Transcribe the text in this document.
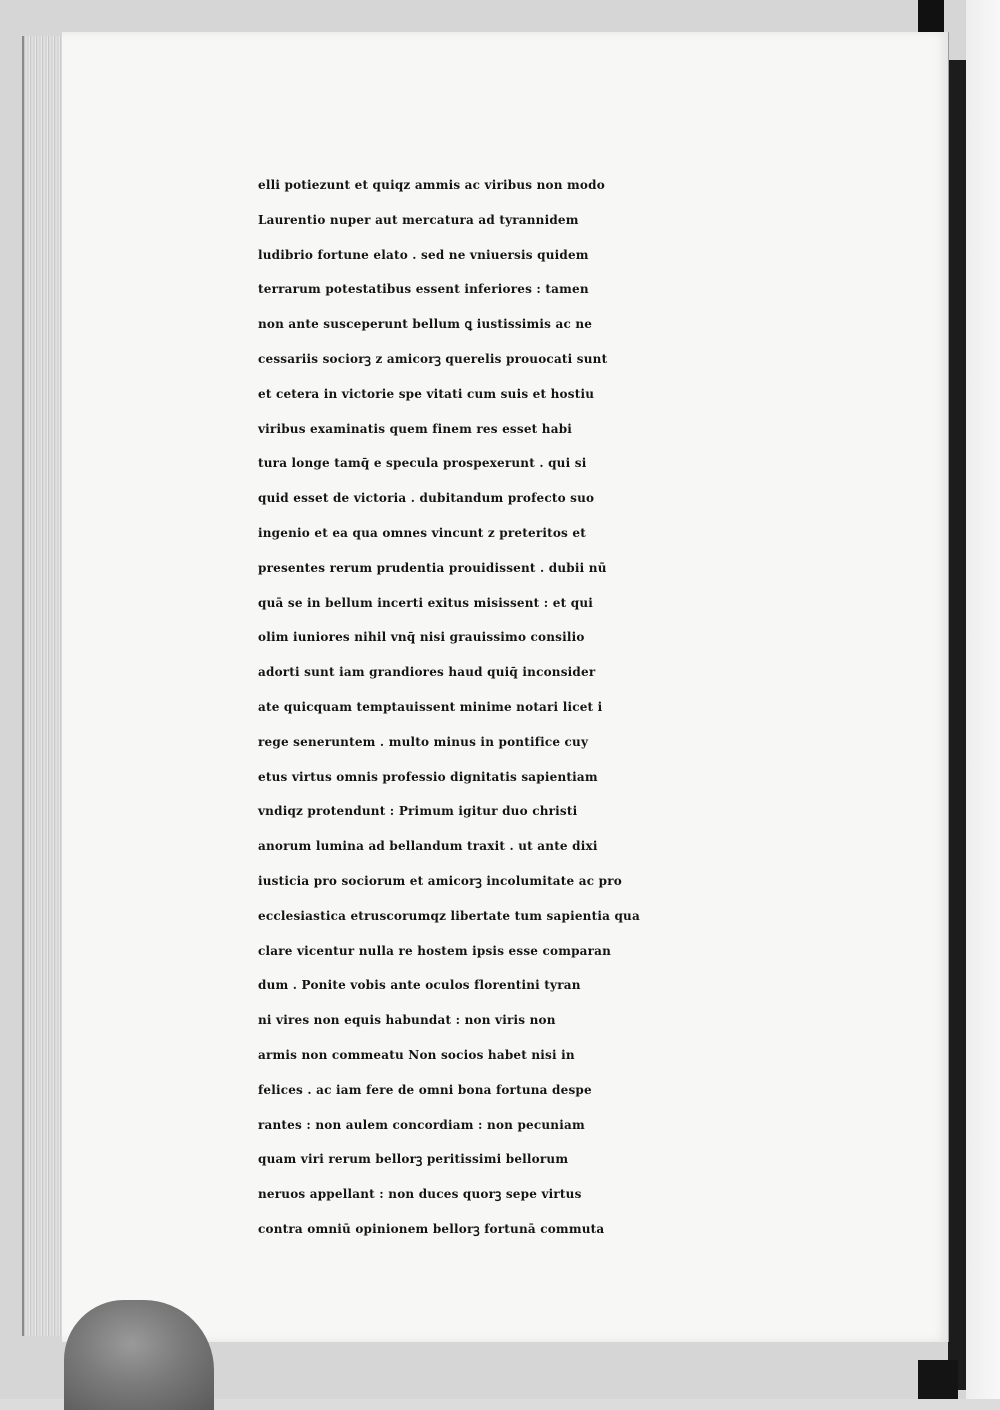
elli potiezunt et quiqz ammis ac viribus non modo
Laurentio nuper aut mercatura ad tyrannidem
ludibrio fortune elato . sed ne vniuersis quidem
terrarum potestatibus essent inferiores : tamen
non ante susceperunt bellum ꝗ iustissimis ac ne
cessariis sociorꝫ z amicorꝫ querelis prouocati sunt
et cetera in victorie spe vitati cum suis et hostiu
viribus examinatis quem finem res esset habi
tura longe tamq̄ e specula prospexerunt . qui si
quid esset de victoria . dubitandum profecto suo
ingenio et ea qua omnes vincunt z preteritos et
presentes rerum prudentia prouidissent . dubii nū
quā se in bellum incerti exitus misissent : et qui
olim iuniores nihil vnq̄ nisi grauissimo consilio
adorti sunt iam grandiores haud quiq̄ inconsider
ate quicquam temptauissent minime notari licet i
rege seneruntem . multo minus in pontifice cuy
etus virtus omnis professio dignitatis sapientiam
vndiqz protendunt : Primum igitur duo christi
anorum lumina ad bellandum traxit . ut ante dixi
iusticia pro sociorum et amicorꝫ incolumitate ac pro
ecclesiastica etruscorumqz libertate tum sapientia qua
clare vicentur nulla re hostem ipsis esse comparan
dum . Ponite vobis ante oculos florentini tyran
ni vires non equis habundat : non viris non
armis non commeatu Non socios habet nisi in
felices . ac iam fere de omni bona fortuna despe
rantes : non aulem concordiam : non pecuniam
quam viri rerum bellorꝫ peritissimi bellorum
neruos appellant : non duces quorꝫ sepe virtus
contra omniū opinionem bellorꝫ fortunā commuta
